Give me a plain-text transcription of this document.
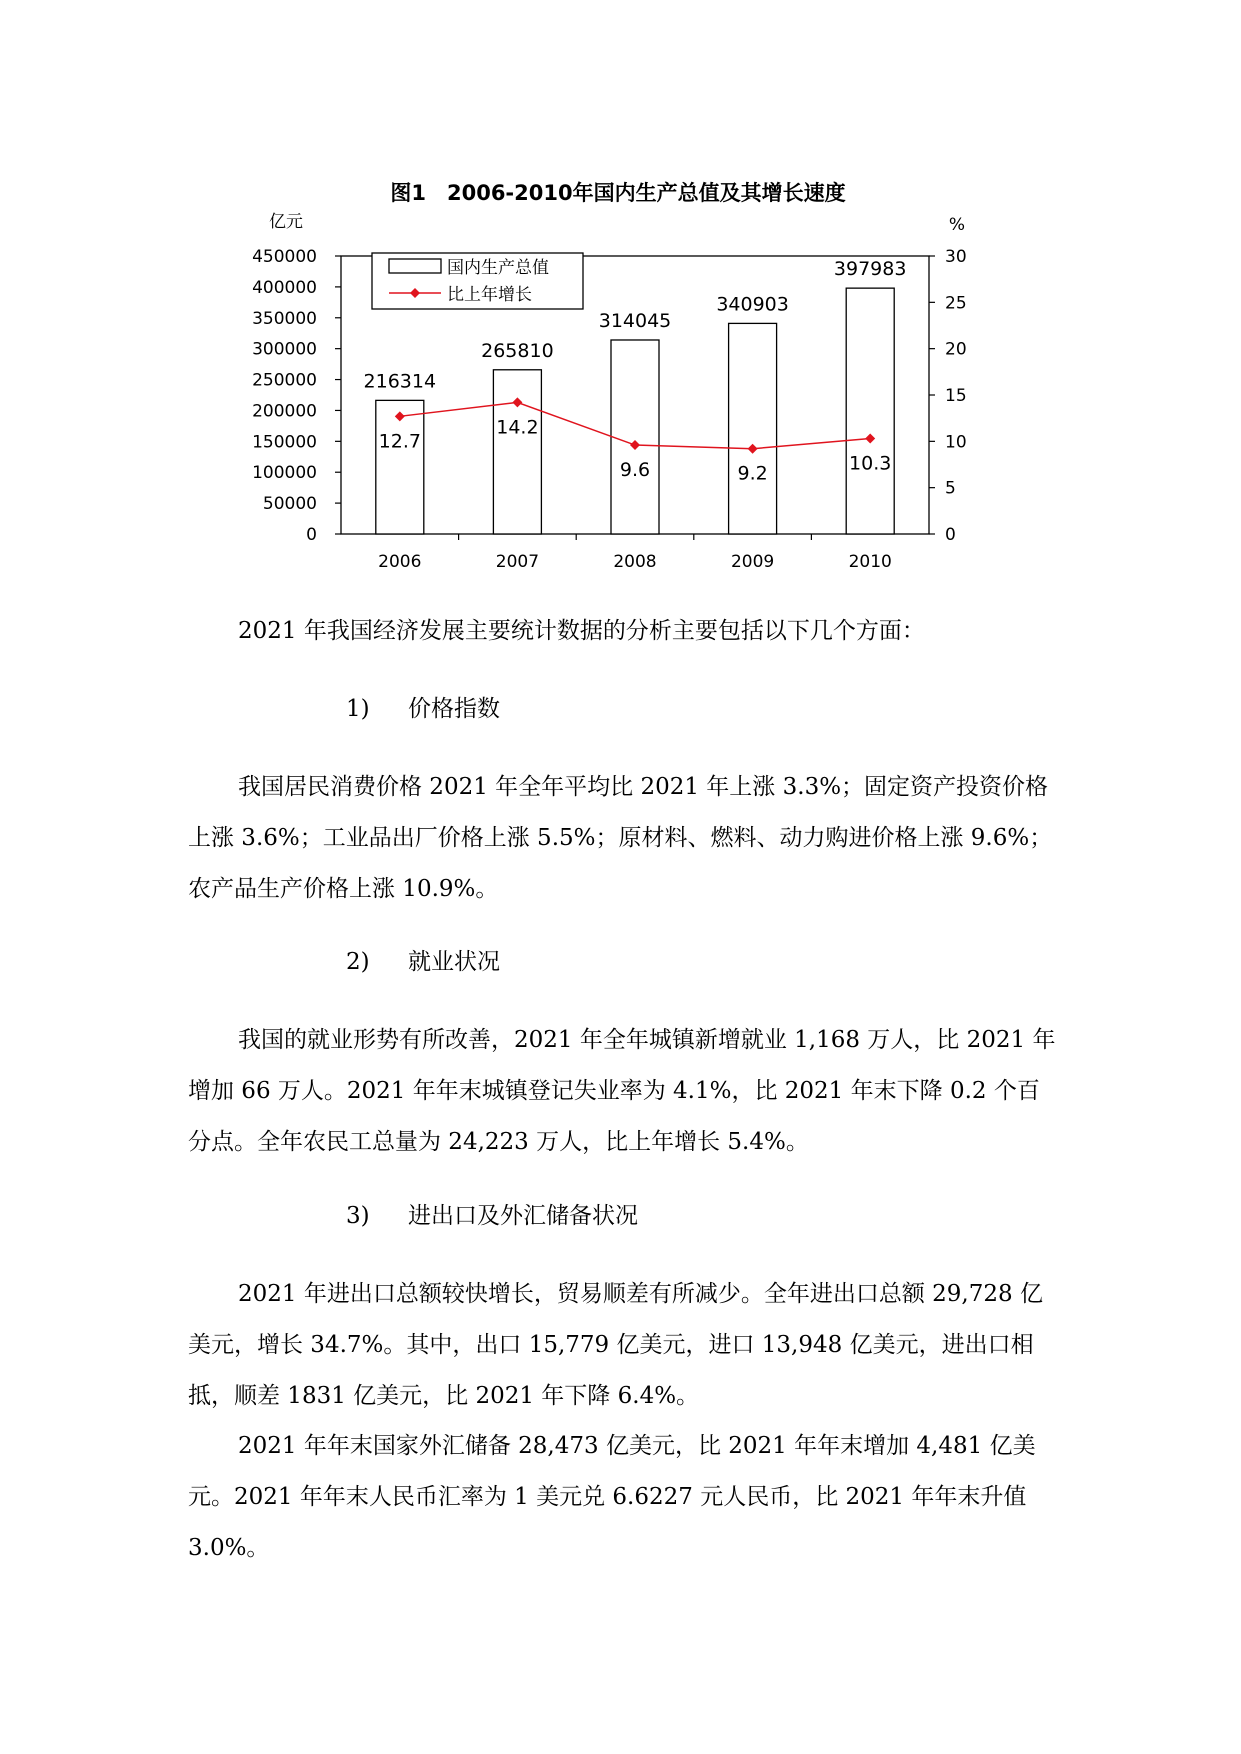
图1　2006-2010年国内生产总值及其增长速度
亿元	%
450000
400000
350000
300000
250000
200000
150000
100000
50000
0
30
25
20
15
10
5
0
2006	2007	2008	2009	2010
216314
265810
314045
340903
397983
12.7
14.2
9.6	9.2	10.3
国内生产总值
比上年增长

2021 年我国经济发展主要统计数据的分析主要包括以下几个方面：

1) 价格指数

我国居民消费价格 2021 年全年平均比 2021 年上涨 3.3%；固定资产投资价格上涨 3.6%；工业品出厂价格上涨 5.5%；原材料、燃料、动力购进价格上涨 9.6%；农产品生产价格上涨 10.9%。

2) 就业状况

我国的就业形势有所改善，2021 年全年城镇新增就业 1,168 万人，比 2021 年增加 66 万人。2021 年年末城镇登记失业率为 4.1%，比 2021 年末下降 0.2 个百分点。全年农民工总量为 24,223 万人，比上年增长 5.4%。

3) 进出口及外汇储备状况

2021 年进出口总额较快增长，贸易顺差有所减少。全年进出口总额 29,728 亿美元，增长 34.7%。其中，出口 15,779 亿美元，进口 13,948 亿美元，进出口相抵，顺差 1831 亿美元，比 2021 年下降 6.4%。

2021 年年末国家外汇储备 28,473 亿美元，比 2021 年年末增加 4,481 亿美元。2021 年年末人民币汇率为 1 美元兑 6.6227 元人民币，比 2021 年年末升值 3.0%。
